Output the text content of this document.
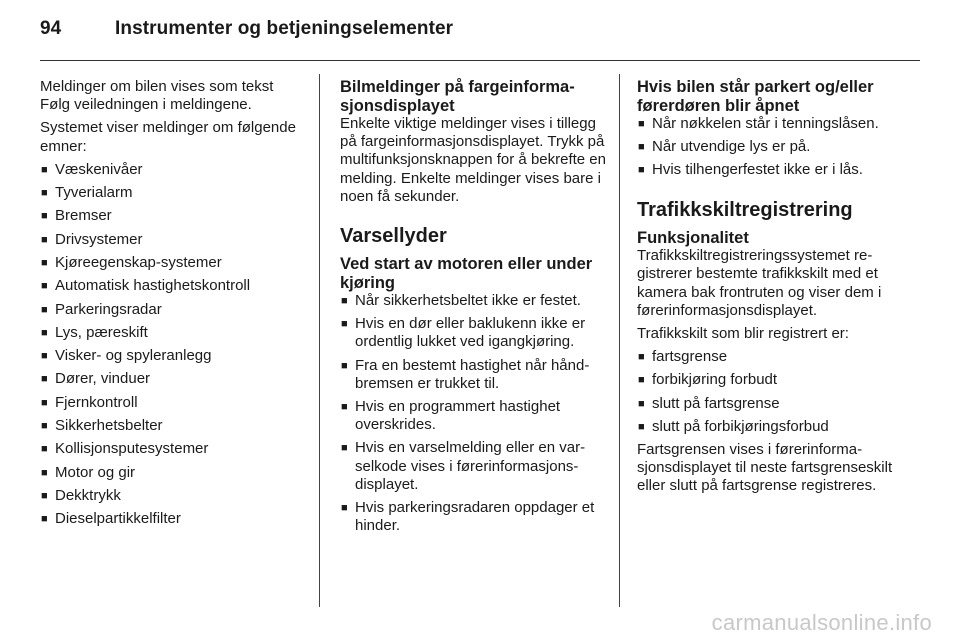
94	Instrumenter og betjeningselementer

Meldinger om bilen vises som tekst Følg veiledningen i meldingene.

Systemet viser meldinger om følgende emner:

■ Væskenivåer
■ Tyverialarm
■ Bremser
■ Drivsystemer
■ Kjøreegenskap-systemer
■ Automatisk hastighetskontroll
■ Parkeringsradar
■ Lys, pæreskift
■ Visker- og spyleranlegg
■ Dører, vinduer
■ Fjernkontroll
■ Sikkerhetsbelter
■ Kollisjonsputesystemer
■ Motor og gir
■ Dekktrykk
■ Dieselpartikkelfilter
Bilmeldinger på fargeinformasjonsdisplayet

Enkelte viktige meldinger vises i tillegg på fargeinformasjonsdisplayet. Trykk på multifunksjonsknappen for å bekrefte en melding. Enkelte meldinger vises bare i noen få sekunder.

Varsellyder
Ved start av motoren eller under kjøring
■ Når sikkerhetsbeltet ikke er festet.
■ Hvis en dør eller baklukenn ikke er ordentlig lukket ved igangkjøring.
■ Fra en bestemt hastighet når håndbremsen er trukket til.
■ Hvis en programmert hastighet overskrides.
■ Hvis en varselmelding eller en varselkode vises i førerinformasjonsdisplayet.
■ Hvis parkeringsradaren oppdager et hinder.
Hvis bilen står parkert og/eller førerdøren blir åpnet
■ Når nøkkelen står i tenningslåsen.
■ Når utvendige lys er på.
■ Hvis tilhengerfestet ikke er i lås.
Trafikkskiltregistrering
Funksjonalitet

Trafikkskiltregistreringssystemet registrerer bestemte trafikkskilt med et kamera bak frontruten og viser dem i førerinformasjonsdisplayet.

Trafikkskilt som blir registrert er:

■ fartsgrense
■ forbikjøring forbudt
■ slutt på fartsgrense
■ slutt på forbikjøringsforbud

Fartsgrensen vises i førerinformasjonsdisplayet til neste fartsgrenseskilt eller slutt på fartsgrense registreres.

carmanualsonline.info
